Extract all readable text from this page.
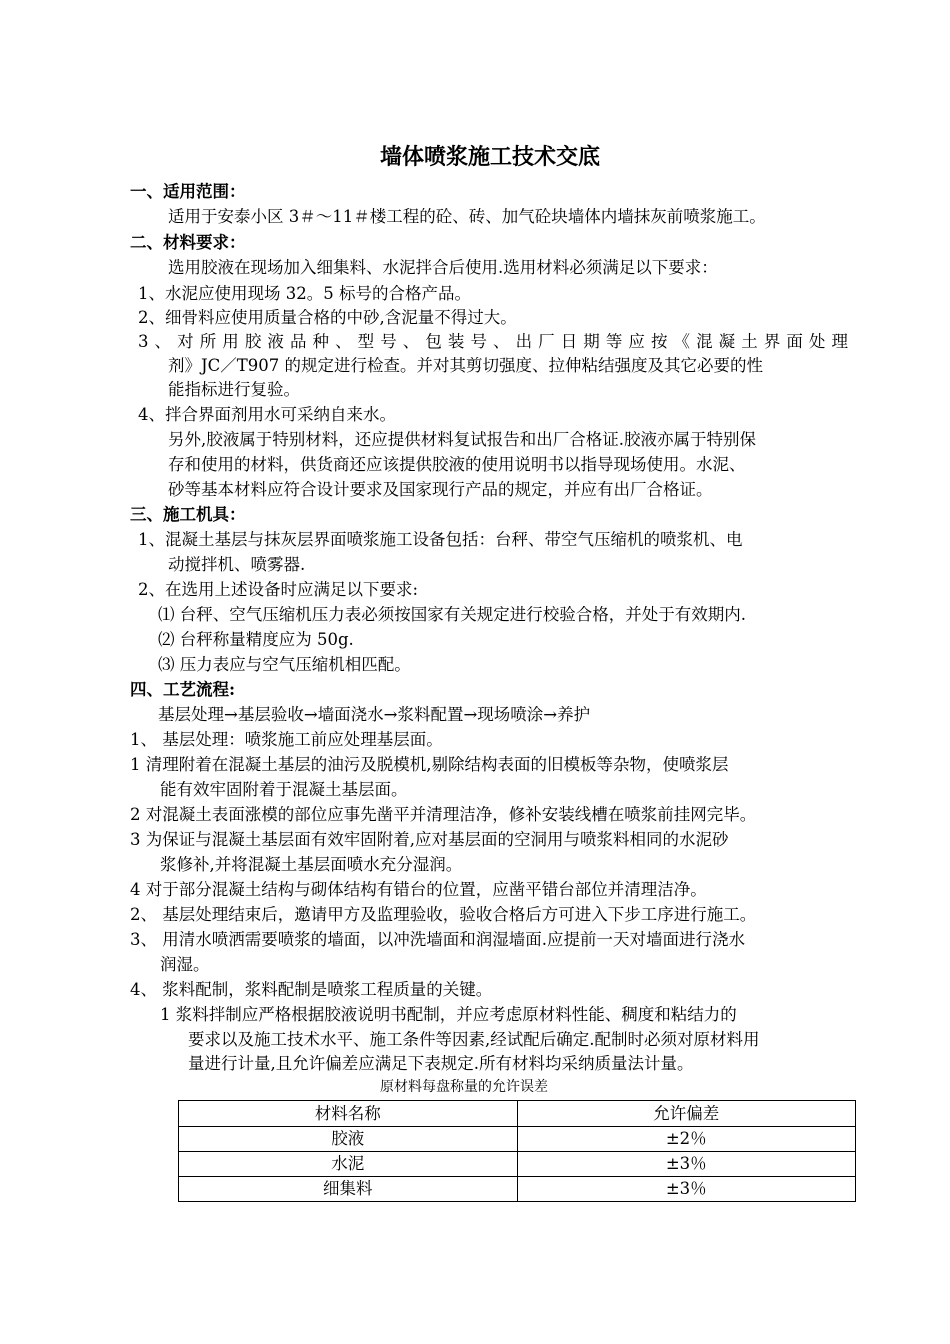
墙体喷浆施工技术交底
一、适用范围：
适用于安泰小区 3＃～11＃楼工程的砼、砖、加气砼块墙体内墙抹灰前喷浆施工。
二、材料要求：
选用胶液在现场加入细集料、水泥拌合后使用.选用材料必须满足以下要求：
1、水泥应使用现场 32。5 标号的合格产品。
2、细骨料应使用质量合格的中砂,含泥量不得过大。
3、对所用胶液品种、型号、包装号、出厂日期等应按《混凝土界面处理
剂》JC／T907 的规定进行检查。并对其剪切强度、拉伸粘结强度及其它必要的性
能指标进行复验。
4、拌合界面剂用水可采纳自来水。
另外,胶液属于特别材料，还应提供材料复试报告和出厂合格证.胶液亦属于特别保
存和使用的材料，供货商还应该提供胶液的使用说明书以指导现场使用。水泥、
砂等基本材料应符合设计要求及国家现行产品的规定，并应有出厂合格证。
三、施工机具：
1、混凝土基层与抹灰层界面喷浆施工设备包括：台秤、带空气压缩机的喷浆机、电
动搅拌机、喷雾器.
2、在选用上述设备时应满足以下要求:
⑴ 台秤、空气压缩机压力表必须按国家有关规定进行校验合格，并处于有效期内.
⑵ 台秤称量精度应为 50g.
⑶ 压力表应与空气压缩机相匹配。
四、工艺流程:
基层处理→基层验收→墙面浇水→浆料配置→现场喷涂→养护
1、 基层处理：喷浆施工前应处理基层面。
1 清理附着在混凝土基层的油污及脱模机,剔除结构表面的旧模板等杂物，使喷浆层
能有效牢固附着于混凝土基层面。
2 对混凝土表面涨模的部位应事先凿平并清理洁净，修补安装线槽在喷浆前挂网完毕。
3 为保证与混凝土基层面有效牢固附着,应对基层面的空洞用与喷浆料相同的水泥砂
浆修补,并将混凝土基层面喷水充分湿润。
4 对于部分混凝土结构与砌体结构有错台的位置，应凿平错台部位并清理洁净。
2、 基层处理结束后，邀请甲方及监理验收，验收合格后方可进入下步工序进行施工。
3、 用清水喷洒需要喷浆的墙面，以冲洗墙面和润湿墙面.应提前一天对墙面进行浇水
润湿。
4、 浆料配制，浆料配制是喷浆工程质量的关键。
1 浆料拌制应严格根据胶液说明书配制，并应考虑原材料性能、稠度和粘结力的
要求以及施工技术水平、施工条件等因素,经试配后确定.配制时必须对原材料用
量进行计量,且允许偏差应满足下表规定.所有材料均采纳质量法计量。
原材料每盘称量的允许误差
材料名称	允许偏差
胶液	±2％
水泥	±3％
细集料	±3％
